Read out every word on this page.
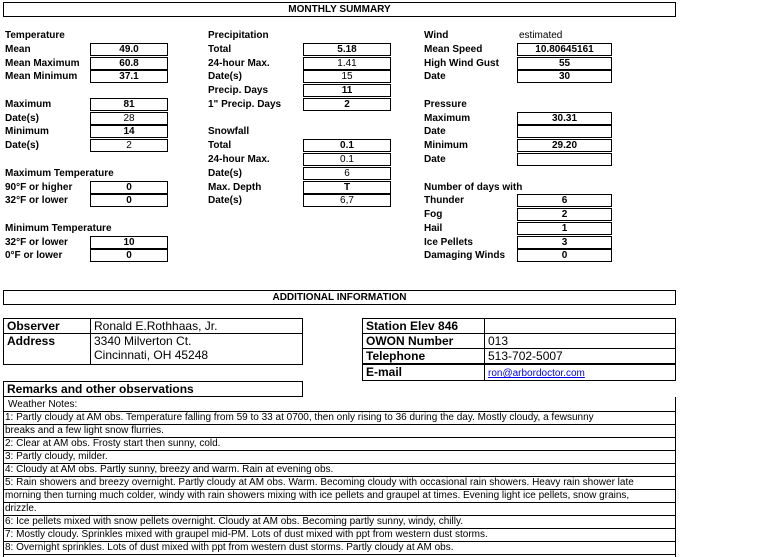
MONTHLY SUMMARY
Temperature
Mean	49.0
Mean Maximum	60.8
Mean Minimum	37.1
Maximum	81
Date(s)	28
Minimum	14
Date(s)	2
Maximum Temperature
90°F or higher	0
32°F or lower	0
Minimum Temperature
32°F or lower	10
0°F or lower	0
Precipitation
Total	5.18
24-hour Max.	1.41
Date(s)	15
Precip. Days	11
1" Precip. Days	2
Snowfall
Total	0.1
24-hour Max.	0.1
Date(s)	6
Max. Depth	T
Date(s)	6,7
Wind	estimated
Mean Speed	10.80645161
High Wind Gust	55
Date	30
Pressure
Maximum	30.31
Date
Minimum	29.20
Date
Number of days with
Thunder	6
Fog	2
Hail	1
Ice Pellets	3
Damaging Winds	0
ADDITIONAL INFORMATION
Observer	Ronald E.Rothhaas, Jr.
Address	3340 Milverton Ct.
Cincinnati, OH 45248
Station Elev 846
OWON Number	013
Telephone	513-702-5007
E-mail	ron@arbordoctor.com
Remarks and other observations
Weather Notes:
1: Partly cloudy at AM obs. Temperature falling from 59 to 33 at 0700, then only rising to 36 during the day. Mostly cloudy, a fewsunny
breaks and a few light snow flurries.
2: Clear at AM obs. Frosty start then sunny, cold.
3: Partly cloudy, milder.
4: Cloudy at AM obs. Partly sunny, breezy and warm. Rain at evening obs.
5: Rain showers and breezy overnight. Partly cloudy at AM obs. Warm. Becoming cloudy with occasional rain showers. Heavy rain shower late
morning then turning much colder, windy with rain showers mixing with ice pellets and graupel at times. Evening light ice pellets, snow grains,
drizzle.
6: Ice pellets mixed with snow pellets overnight. Cloudy at AM obs. Becoming partly sunny, windy, chilly.
7: Mostly cloudy. Sprinkles mixed with graupel mid-PM. Lots of dust mixed with ppt from western dust storms.
8: Overnight sprinkles. Lots of dust mixed with ppt from western dust storms. Partly cloudy at AM obs.
